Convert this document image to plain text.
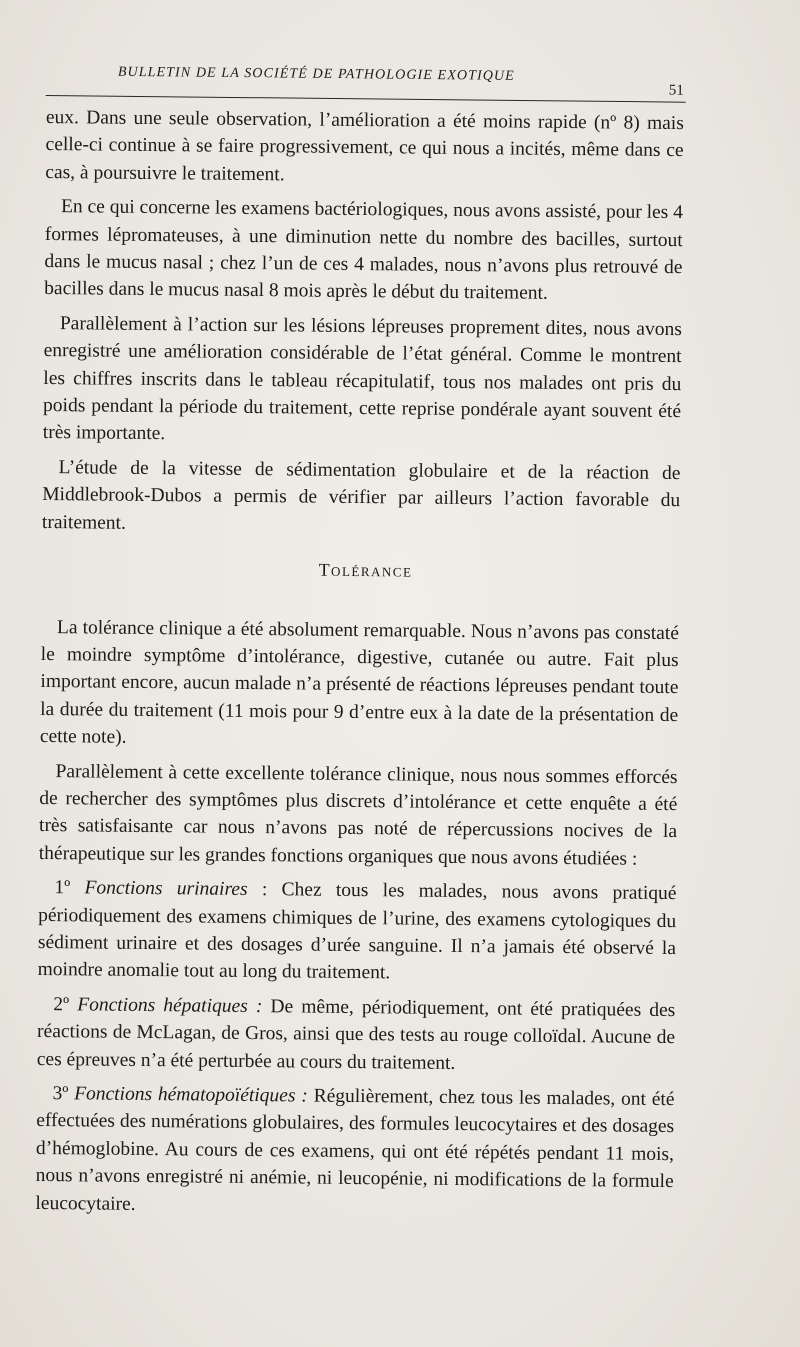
BULLETIN DE LA SOCIÉTÉ DE PATHOLOGIE EXOTIQUE
51

eux. Dans une seule observation, l’amélioration a été moins rapide (nº 8) mais celle-ci continue à se faire progressivement, ce qui nous a incités, même dans ce cas, à poursuivre le traitement.

En ce qui concerne les examens bactériologiques, nous avons assisté, pour les 4 formes lépromateuses, à une diminution nette du nombre des bacilles, surtout dans le mucus nasal ; chez l’un de ces 4 malades, nous n’avons plus retrouvé de bacilles dans le mucus nasal 8 mois après le début du traitement.

Parallèlement à l’action sur les lésions lépreuses proprement dites, nous avons enregistré une amélioration considérable de l’état général. Comme le montrent les chiffres inscrits dans le tableau récapitulatif, tous nos malades ont pris du poids pendant la période du traitement, cette reprise pondérale ayant souvent été très importante.

L’étude de la vitesse de sédimentation globulaire et de la réaction de Middlebrook-Dubos a permis de vérifier par ailleurs l’action favorable du traitement.

Tolérance

La tolérance clinique a été absolument remarquable. Nous n’avons pas constaté le moindre symptôme d’intolérance, digestive, cutanée ou autre. Fait plus important encore, aucun malade n’a présenté de réactions lépreuses pendant toute la durée du traitement (11 mois pour 9 d’entre eux à la date de la présentation de cette note).

Parallèlement à cette excellente tolérance clinique, nous nous sommes efforcés de rechercher des symptômes plus discrets d’intolérance et cette enquête a été très satisfaisante car nous n’avons pas noté de répercussions nocives de la thérapeutique sur les grandes fonctions organiques que nous avons étudiées :

1º Fonctions urinaires : Chez tous les malades, nous avons pratiqué périodiquement des examens chimiques de l’urine, des examens cytologiques du sédiment urinaire et des dosages d’urée sanguine. Il n’a jamais été observé la moindre anomalie tout au long du traitement.

2º Fonctions hépatiques : De même, périodiquement, ont été pratiquées des réactions de McLagan, de Gros, ainsi que des tests au rouge colloïdal. Aucune de ces épreuves n’a été perturbée au cours du traitement.

3º Fonctions hématopoïétiques : Régulièrement, chez tous les malades, ont été effectuées des numérations globulaires, des formules leucocytaires et des dosages d’hémoglobine. Au cours de ces examens, qui ont été répétés pendant 11 mois, nous n’avons enregistré ni anémie, ni leucopénie, ni modifications de la formule leucocytaire.
